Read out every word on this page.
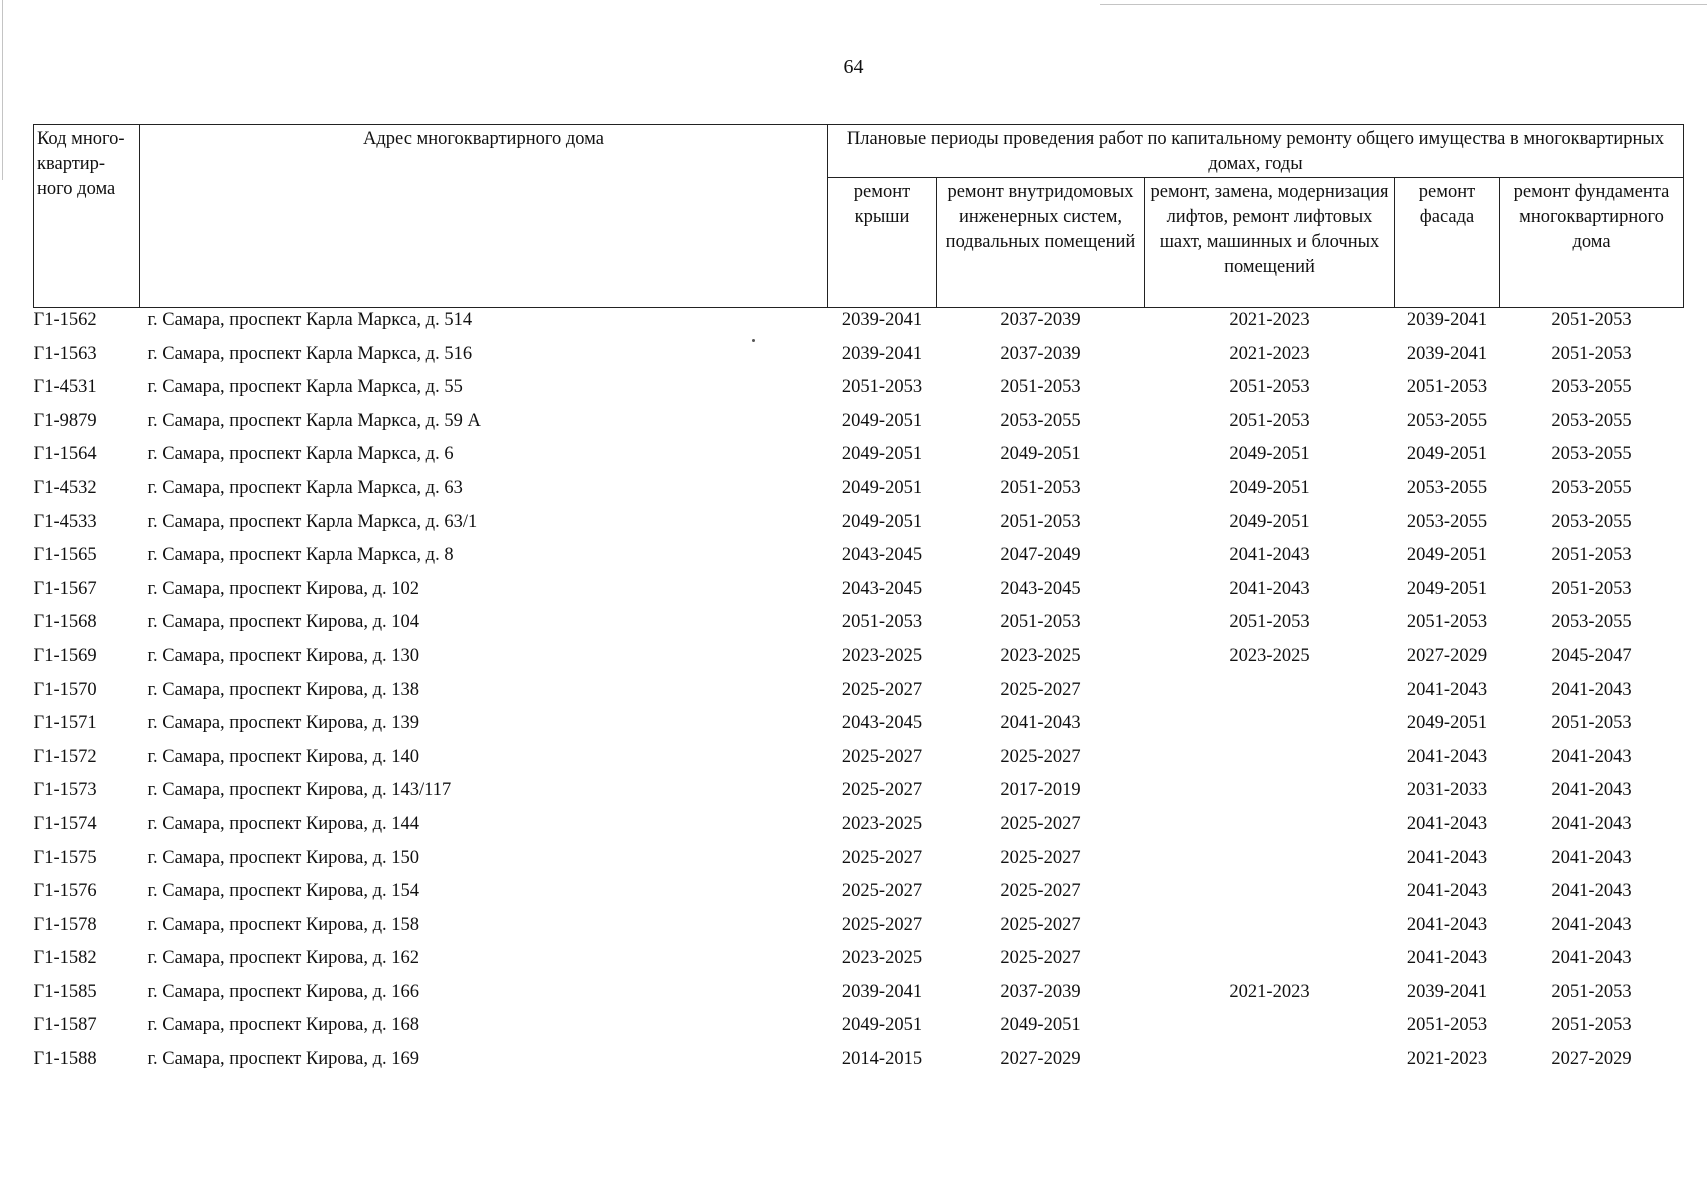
64
Код много-квартир-ного дома	Адрес многоквартирного дома	Плановые периоды проведения работ по капитальному ремонту общего имущества в многоквартирных домах, годы				
		ремонт крыши	ремонт внутридомовых инженерных систем, подвальных помещений	ремонт, замена, модернизация лифтов, ремонт лифтовых шахт, машинных и блочных помещений	ремонт фасада	ремонт фундамента многоквартирного дома
Г1-1562	г. Самара, проспект Карла Маркса, д. 514	2039-2041	2037-2039	2021-2023	2039-2041	2051-2053
Г1-1563	г. Самара, проспект Карла Маркса, д. 516	2039-2041	2037-2039	2021-2023	2039-2041	2051-2053
Г1-4531	г. Самара, проспект Карла Маркса, д. 55	2051-2053	2051-2053	2051-2053	2051-2053	2053-2055
Г1-9879	г. Самара, проспект Карла Маркса, д. 59 А	2049-2051	2053-2055	2051-2053	2053-2055	2053-2055
Г1-1564	г. Самара, проспект Карла Маркса, д. 6	2049-2051	2049-2051	2049-2051	2049-2051	2053-2055
Г1-4532	г. Самара, проспект Карла Маркса, д. 63	2049-2051	2051-2053	2049-2051	2053-2055	2053-2055
Г1-4533	г. Самара, проспект Карла Маркса, д. 63/1	2049-2051	2051-2053	2049-2051	2053-2055	2053-2055
Г1-1565	г. Самара, проспект Карла Маркса, д. 8	2043-2045	2047-2049	2041-2043	2049-2051	2051-2053
Г1-1567	г. Самара, проспект Кирова, д. 102	2043-2045	2043-2045	2041-2043	2049-2051	2051-2053
Г1-1568	г. Самара, проспект Кирова, д. 104	2051-2053	2051-2053	2051-2053	2051-2053	2053-2055
Г1-1569	г. Самара, проспект Кирова, д. 130	2023-2025	2023-2025	2023-2025	2027-2029	2045-2047
Г1-1570	г. Самара, проспект Кирова, д. 138	2025-2027	2025-2027		2041-2043	2041-2043
Г1-1571	г. Самара, проспект Кирова, д. 139	2043-2045	2041-2043		2049-2051	2051-2053
Г1-1572	г. Самара, проспект Кирова, д. 140	2025-2027	2025-2027		2041-2043	2041-2043
Г1-1573	г. Самара, проспект Кирова, д. 143/117	2025-2027	2017-2019		2031-2033	2041-2043
Г1-1574	г. Самара, проспект Кирова, д. 144	2023-2025	2025-2027		2041-2043	2041-2043
Г1-1575	г. Самара, проспект Кирова, д. 150	2025-2027	2025-2027		2041-2043	2041-2043
Г1-1576	г. Самара, проспект Кирова, д. 154	2025-2027	2025-2027		2041-2043	2041-2043
Г1-1578	г. Самара, проспект Кирова, д. 158	2025-2027	2025-2027		2041-2043	2041-2043
Г1-1582	г. Самара, проспект Кирова, д. 162	2023-2025	2025-2027		2041-2043	2041-2043
Г1-1585	г. Самара, проспект Кирова, д. 166	2039-2041	2037-2039	2021-2023	2039-2041	2051-2053
Г1-1587	г. Самара, проспект Кирова, д. 168	2049-2051	2049-2051		2051-2053	2051-2053
Г1-1588	г. Самара, проспект Кирова, д. 169	2014-2015	2027-2029		2021-2023	2027-2029
